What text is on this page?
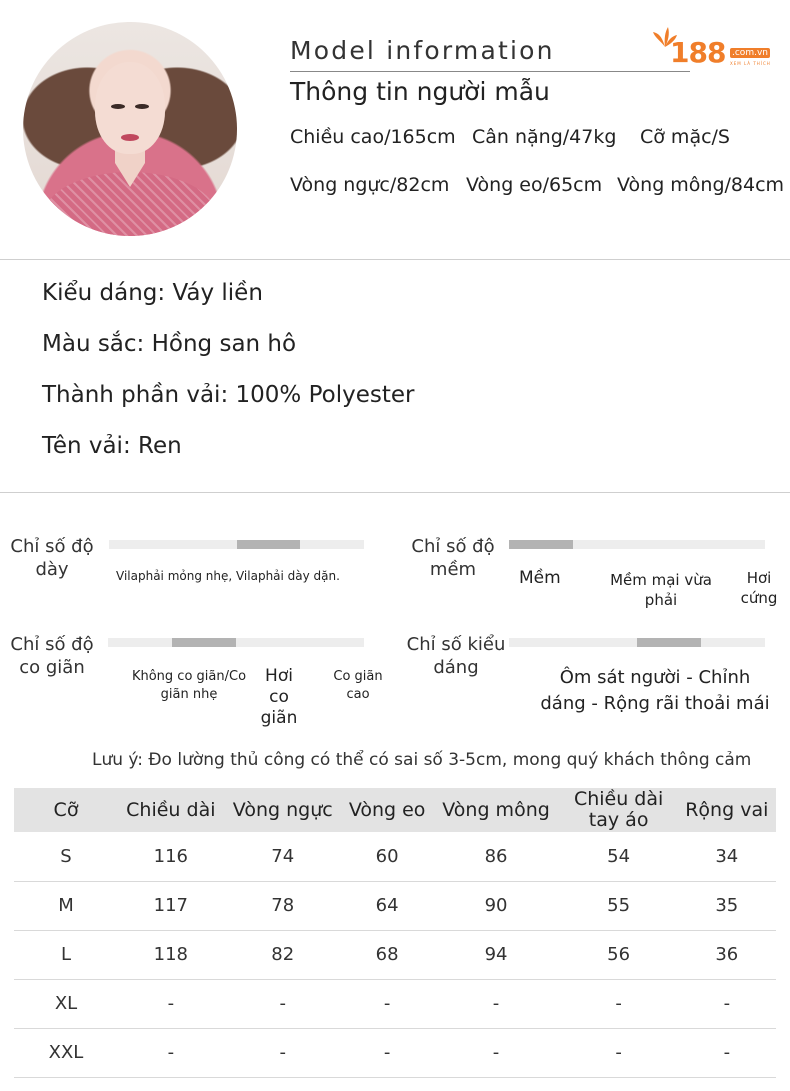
Model information
Thông tin người mẫu
188 .com.vn
XEM LÀ THÍCH
Chiều cao/165cm Cân nặng/47kg Cỡ mặc/S
Vòng ngực/82cm Vòng eo/65cm Vòng mông/84cm
Kiểu dáng: Váy liền
Màu sắc: Hồng san hô
Thành phần vải: 100% Polyester
Tên vải: Ren
Chỉ số độ
dày	Vilaphải mỏng nhẹ, Vilaphải dày dặn.
Chỉ số độ
mềm	Mềm	Mềm mại vừa phải
Hơi cứng
Chỉ số độ
co giãn	Không co giãn/Co giãn nhẹ
Hơi co giãn
Co giãn cao
Chỉ số kiểu
dáng	Ôm sát người - Chỉnh
dáng - Rộng rãi thoải mái
Lưu ý: Đo lường thủ công có thể có sai số 3-5cm, mong quý khách thông cảm
Cỡ	Chiều dài	Vòng ngực	Vòng eo	Vòng mông	Chiều dài tay áo	Rộng vai
S	116	74	60	86	54	34
M	117	78	64	90	55	35
L	118	82	68	94	56	36
XL	-	-	-	-	-	-
XXL	-	-	-	-	-	-
